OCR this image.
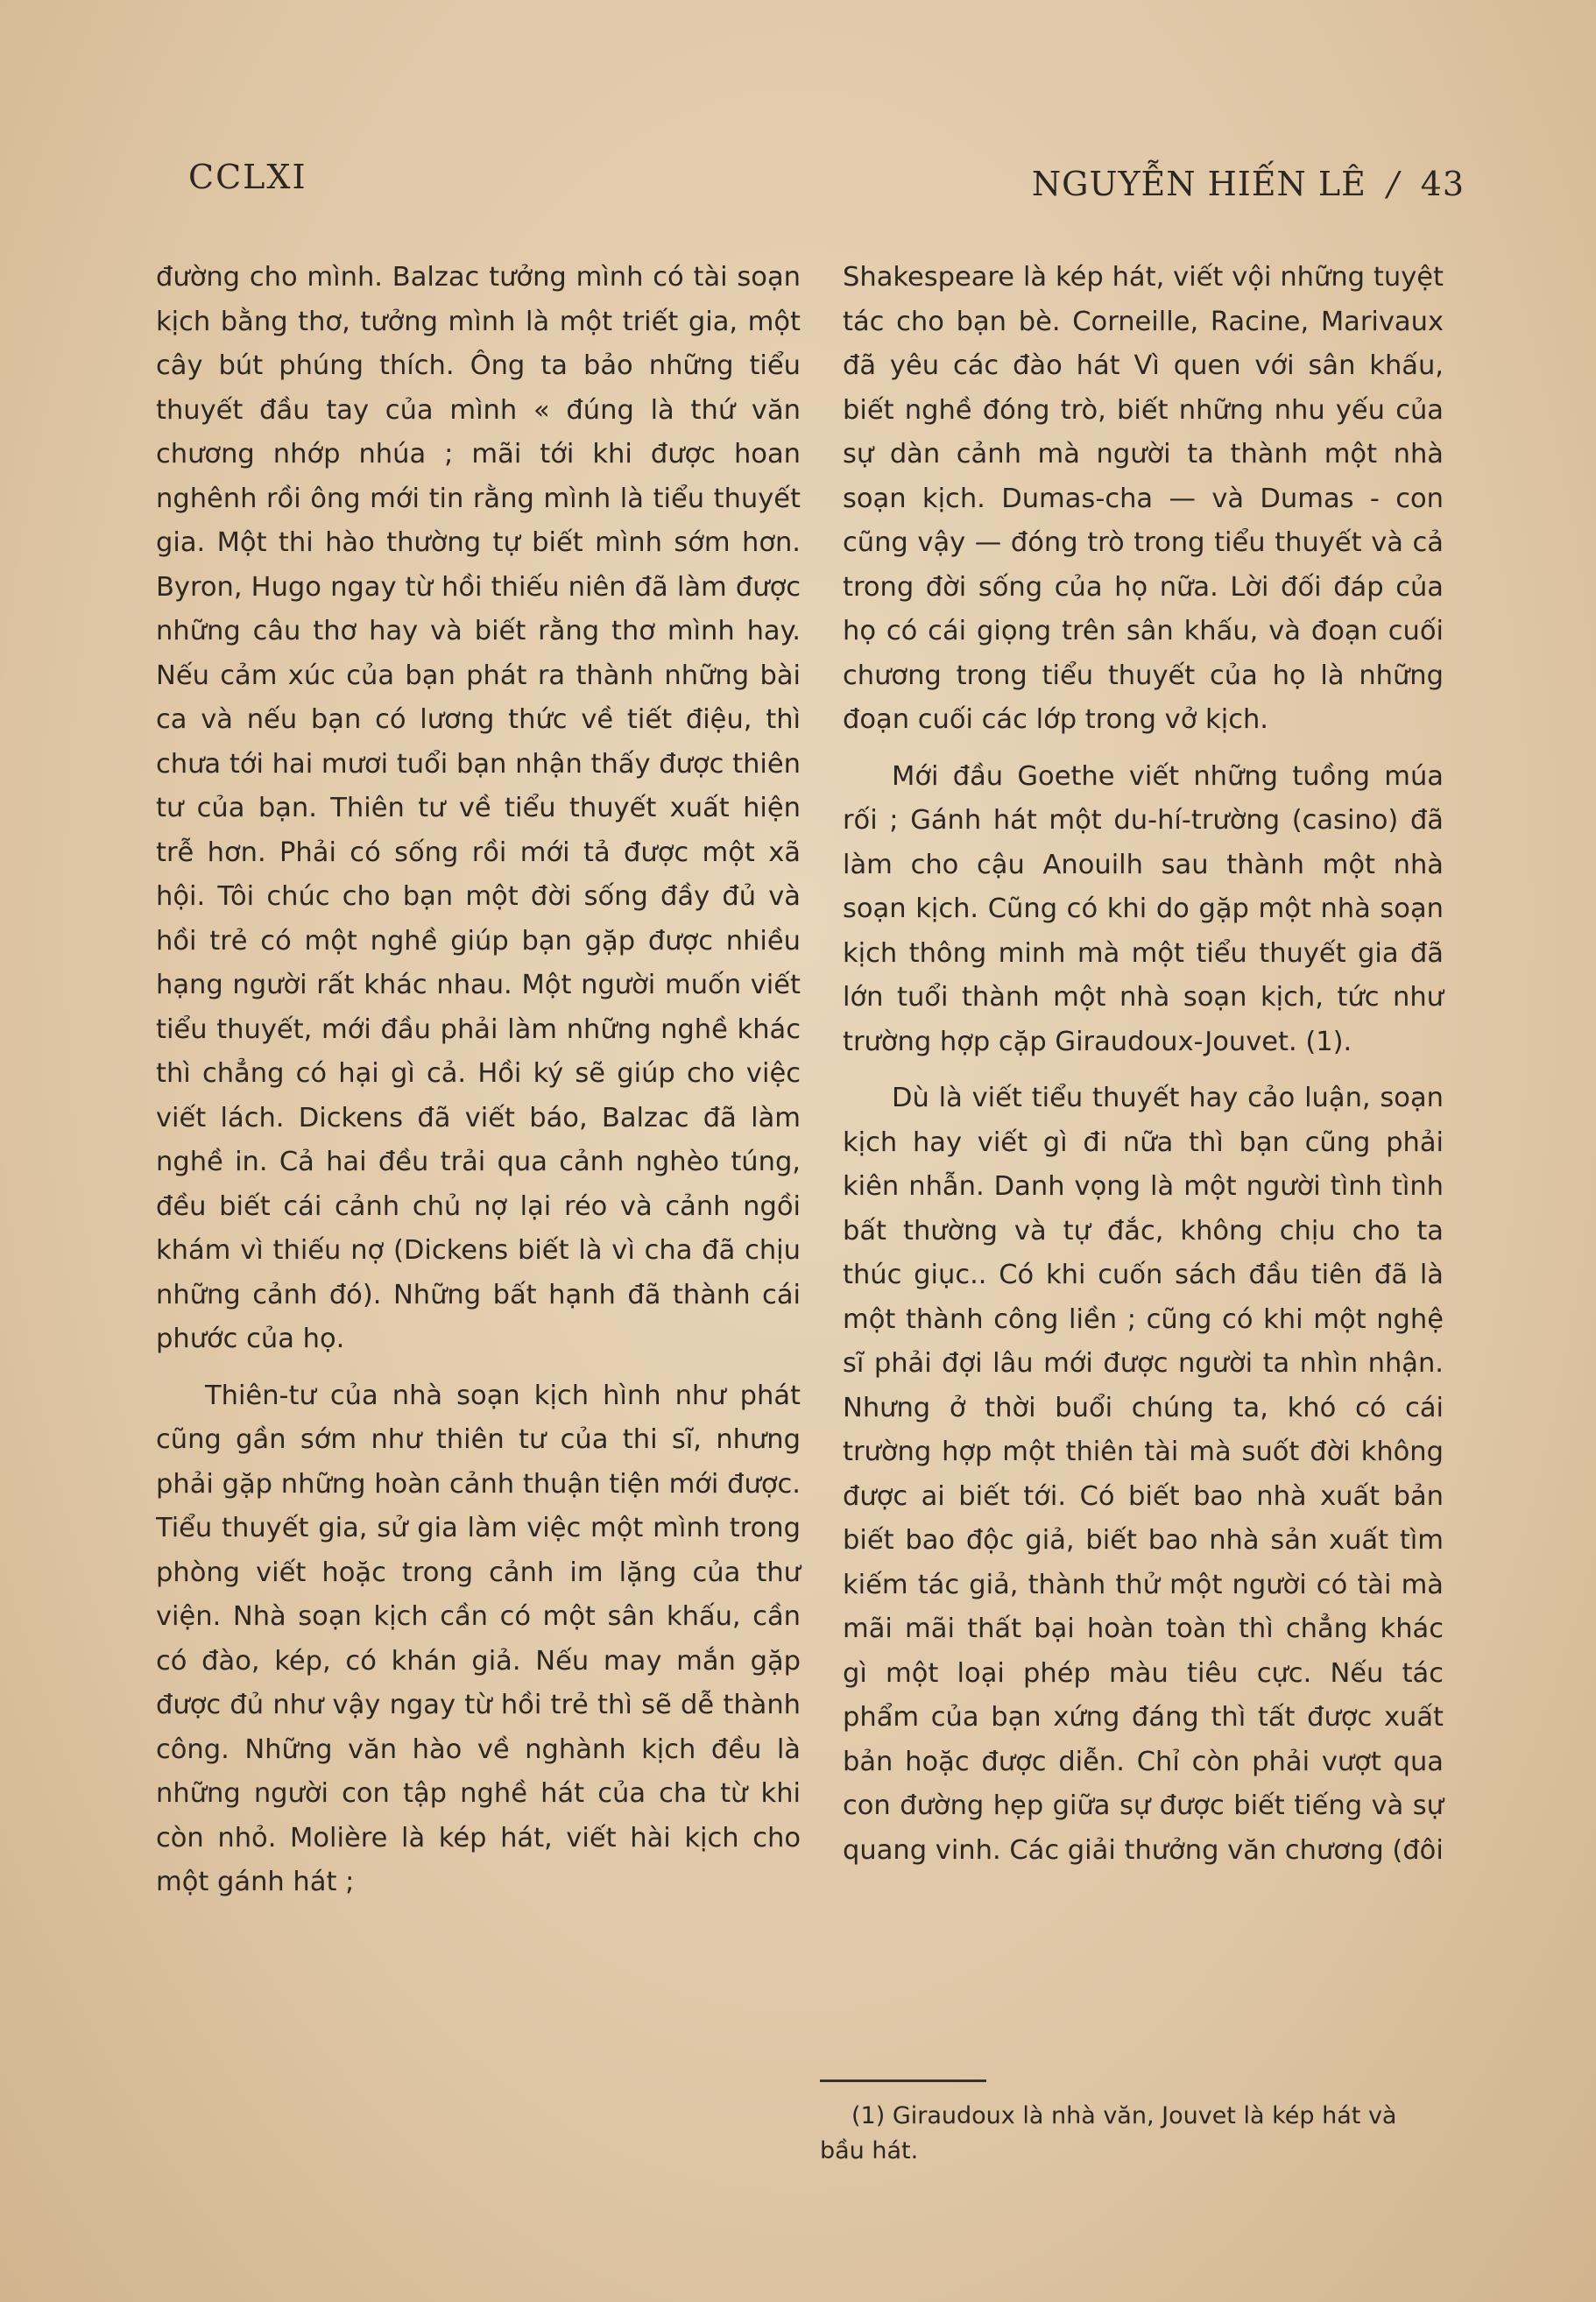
CCLXI	NGUYỄN HIẾN LÊ / 43

đường cho mình. Balzac tưởng mình có tài soạn kịch bằng thơ, tưởng mình là một triết gia, một cây bút phúng thích. Ông ta bảo những tiểu thuyết đầu tay của mình « đúng là thứ văn chương nhớp nhúa ; mãi tới khi được hoan nghênh rồi ông mới tin rằng mình là tiểu thuyết gia. Một thi hào thường tự biết mình sớm hơn. Byron, Hugo ngay từ hồi thiếu niên đã làm được những câu thơ hay và biết rằng thơ mình hay. Nếu cảm xúc của bạn phát ra thành những bài ca và nếu bạn có lương thức về tiết điệu, thì chưa tới hai mươi tuổi bạn nhận thấy được thiên tư của bạn. Thiên tư về tiểu thuyết xuất hiện trễ hơn. Phải có sống rồi mới tả được một xã hội. Tôi chúc cho bạn một đời sống đầy đủ và hồi trẻ có một nghề giúp bạn gặp được nhiều hạng người rất khác nhau. Một người muốn viết tiểu thuyết, mới đầu phải làm những nghề khác thì chẳng có hại gì cả. Hồi ký sẽ giúp cho việc viết lách. Dickens đã viết báo, Balzac đã làm nghề in. Cả hai đều trải qua cảnh nghèo túng, đều biết cái cảnh chủ nợ lại réo và cảnh ngồi khám vì thiếu nợ (Dickens biết là vì cha đã chịu những cảnh đó). Những bất hạnh đã thành cái phước của họ.

Thiên-tư của nhà soạn kịch hình như phát cũng gần sớm như thiên tư của thi sĩ, nhưng phải gặp những hoàn cảnh thuận tiện mới được. Tiểu thuyết gia, sử gia làm việc một mình trong phòng viết hoặc trong cảnh im lặng của thư viện. Nhà soạn kịch cần có một sân khấu, cần có đào, kép, có khán giả. Nếu may mắn gặp được đủ như vậy ngay từ hồi trẻ thì sẽ dễ thành công. Những văn hào về nghành kịch đều là những người con tập nghề hát của cha từ khi còn nhỏ. Molière là kép hát, viết hài kịch cho một gánh hát ;

Shakespeare là kép hát, viết vội những tuyệt tác cho bạn bè. Corneille, Racine, Marivaux đã yêu các đào hát Vì quen với sân khấu, biết nghề đóng trò, biết những nhu yếu của sự dàn cảnh mà người ta thành một nhà soạn kịch. Dumas-cha — và Dumas - con cũng vậy — đóng trò trong tiểu thuyết và cả trong đời sống của họ nữa. Lời đối đáp của họ có cái giọng trên sân khấu, và đoạn cuối chương trong tiểu thuyết của họ là những đoạn cuối các lớp trong vở kịch.

Mới đầu Goethe viết những tuồng múa rối ; Gánh hát một du-hí-trường (casino) đã làm cho cậu Anouilh sau thành một nhà soạn kịch. Cũng có khi do gặp một nhà soạn kịch thông minh mà một tiểu thuyết gia đã lớn tuổi thành một nhà soạn kịch, tức như trường hợp cặp Giraudoux-Jouvet. (1).

Dù là viết tiểu thuyết hay cảo luận, soạn kịch hay viết gì đi nữa thì bạn cũng phải kiên nhẫn. Danh vọng là một người tình tình bất thường và tự đắc, không chịu cho ta thúc giục.. Có khi cuốn sách đầu tiên đã là một thành công liền ; cũng có khi một nghệ sĩ phải đợi lâu mới được người ta nhìn nhận. Nhưng ở thời buổi chúng ta, khó có cái trường hợp một thiên tài mà suốt đời không được ai biết tới. Có biết bao nhà xuất bản biết bao độc giả, biết bao nhà sản xuất tìm kiếm tác giả, thành thử một người có tài mà mãi mãi thất bại hoàn toàn thì chẳng khác gì một loại phép màu tiêu cực. Nếu tác phẩm của bạn xứng đáng thì tất được xuất bản hoặc được diễn. Chỉ còn phải vượt qua con đường hẹp giữa sự được biết tiếng và sự quang vinh. Các giải thưởng văn chương (đôi

(1) Giraudoux là nhà văn, Jouvet là kép hát và bầu hát.
